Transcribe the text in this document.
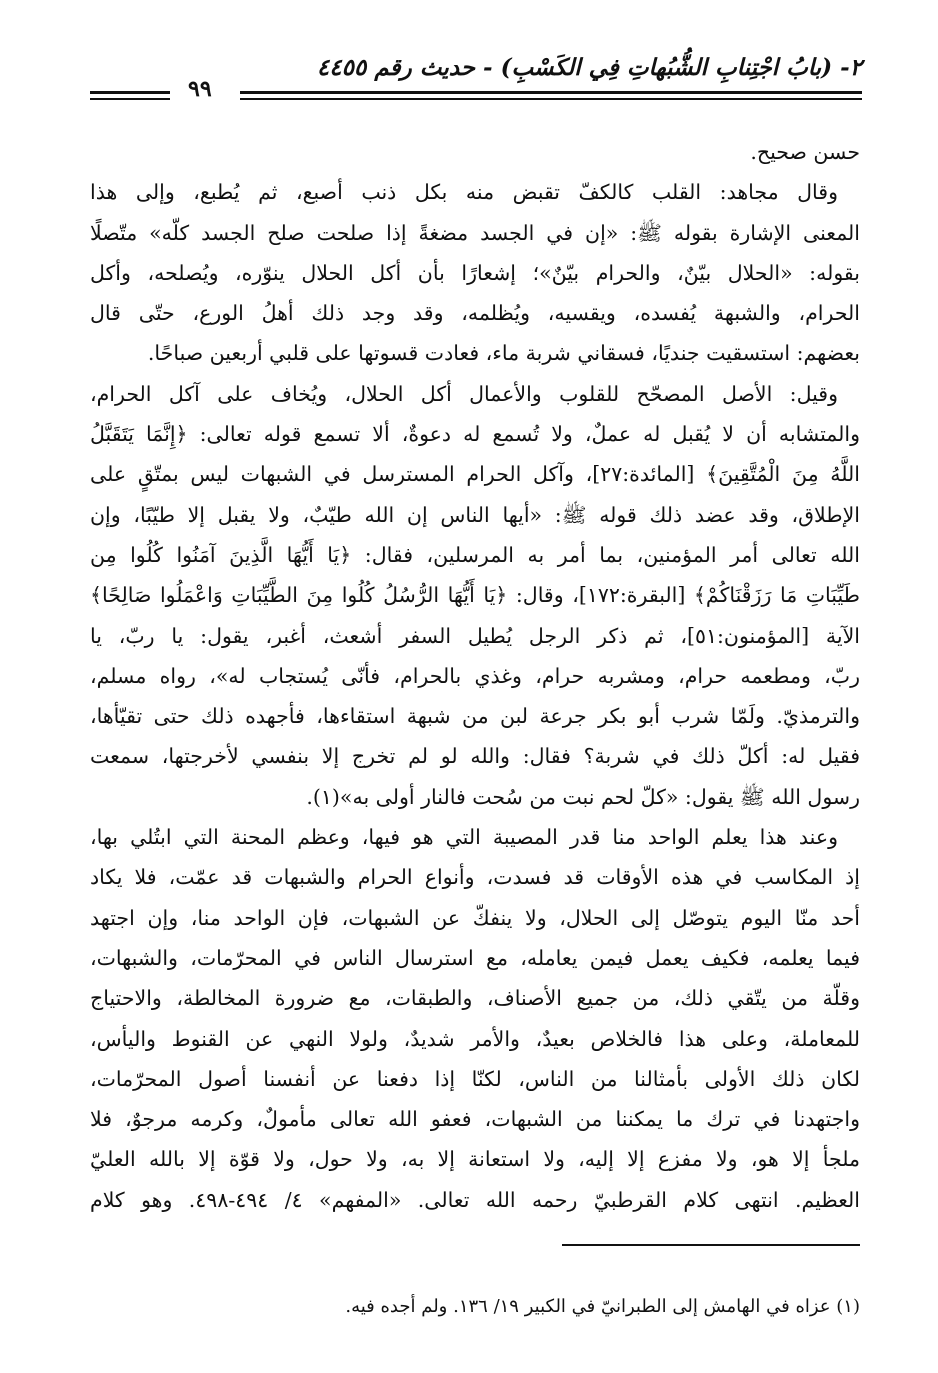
٢- (بابُ اجْتِنابِ الشُّبُهاتِ فِي الكَسْبِ) - حديث رقم ٤٤٥٥
٩٩
حسن صحيح.
وقال مجاهد: القلب كالكفّ تقبض منه بكل ذنب أصبع، ثم يُطبع، وإلى هذا
المعنى الإشارة بقوله ﷺ: «إن في الجسد مضغةً إذا صلحت صلح الجسد كلّه» متّصلًا
بقوله: «الحلال بيّنٌ، والحرام بيّنٌ»؛ إشعارًا بأن أكل الحلال ينوّره، ويُصلحه، وأكل
الحرام، والشبهة يُفسده، ويقسيه، ويُظلمه، وقد وجد ذلك أهلُ الورع، حتّى قال
بعضهم: استسقيت جنديًا، فسقاني شربة ماء، فعادت قسوتها على قلبي أربعين صباحًا.
وقيل: الأصل المصحّح للقلوب والأعمال أكل الحلال، ويُخاف على آكل الحرام،
والمتشابه أن لا يُقبل له عملٌ، ولا تُسمع له دعوةٌ، ألا تسمع قوله تعالى: ﴿إِنَّمَا يَتَقَبَّلُ
اللَّهُ مِنَ الْمُتَّقِينَ﴾ [المائدة:٢٧]، وآكل الحرام المسترسل في الشبهات ليس بمتّقٍ على
الإطلاق، وقد عضد ذلك قوله ﷺ: «أيها الناس إن الله طيّبٌ، ولا يقبل إلا طيّبًا، وإن
الله تعالى أمر المؤمنين، بما أمر به المرسلين، فقال: ﴿يَا أَيُّهَا الَّذِينَ آمَنُوا كُلُوا مِن
طَيِّبَاتِ مَا رَزَقْنَاكُمْ﴾ [البقرة:١٧٢]، وقال: ﴿يَا أَيُّهَا الرُّسُلُ كُلُوا مِنَ الطَّيِّبَاتِ وَاعْمَلُوا صَالِحًا﴾
الآية [المؤمنون:٥١]، ثم ذكر الرجل يُطيل السفر أشعث، أغبر، يقول: يا ربّ، يا
ربّ، ومطعمه حرام، ومشربه حرام، وغذي بالحرام، فأنّى يُستجاب له»، رواه مسلم،
والترمذيّ. ولَمّا شرب أبو بكر جرعة لبن من شبهة استقاءها، فأجهده ذلك حتى تقيّأها،
فقيل له: أكلّ ذلك في شربة؟ فقال: والله لو لم تخرج إلا بنفسي لأخرجتها، سمعت
رسول الله ﷺ يقول: «كلّ لحم نبت من سُحت فالنار أولى به»(١).
وعند هذا يعلم الواحد منا قدر المصيبة التي هو فيها، وعظم المحنة التي ابتُلي بها،
إذ المكاسب في هذه الأوقات قد فسدت، وأنواع الحرام والشبهات قد عمّت، فلا يكاد
أحد منّا اليوم يتوصّل إلى الحلال، ولا ينفكّ عن الشبهات، فإن الواحد منا، وإن اجتهد
فيما يعلمه، فكيف يعمل فيمن يعامله، مع استرسال الناس في المحرّمات، والشبهات،
وقلّة من يتّقي ذلك، من جميع الأصناف، والطبقات، مع ضرورة المخالطة، والاحتياج
للمعاملة، وعلى هذا فالخلاص بعيدٌ، والأمر شديدٌ، ولولا النهي عن القنوط واليأس،
لكان ذلك الأولى بأمثالنا من الناس، لكنّا إذا دفعنا عن أنفسنا أصول المحرّمات،
واجتهدنا في ترك ما يمكننا من الشبهات، فعفو الله تعالى مأمولٌ، وكرمه مرجوٌ، فلا
ملجأ إلا هو، ولا مفزع إلا إليه، ولا استعانة إلا به، ولا حول، ولا قوّة إلا بالله العليّ
العظيم. انتهى كلام القرطبيّ رحمه الله تعالى. «المفهم» ٤/ ٤٩٤-٤٩٨. وهو كلام
(١) عزاه في الهامش إلى الطبرانيّ في الكبير ١٩/ ١٣٦. ولم أجده فيه.
